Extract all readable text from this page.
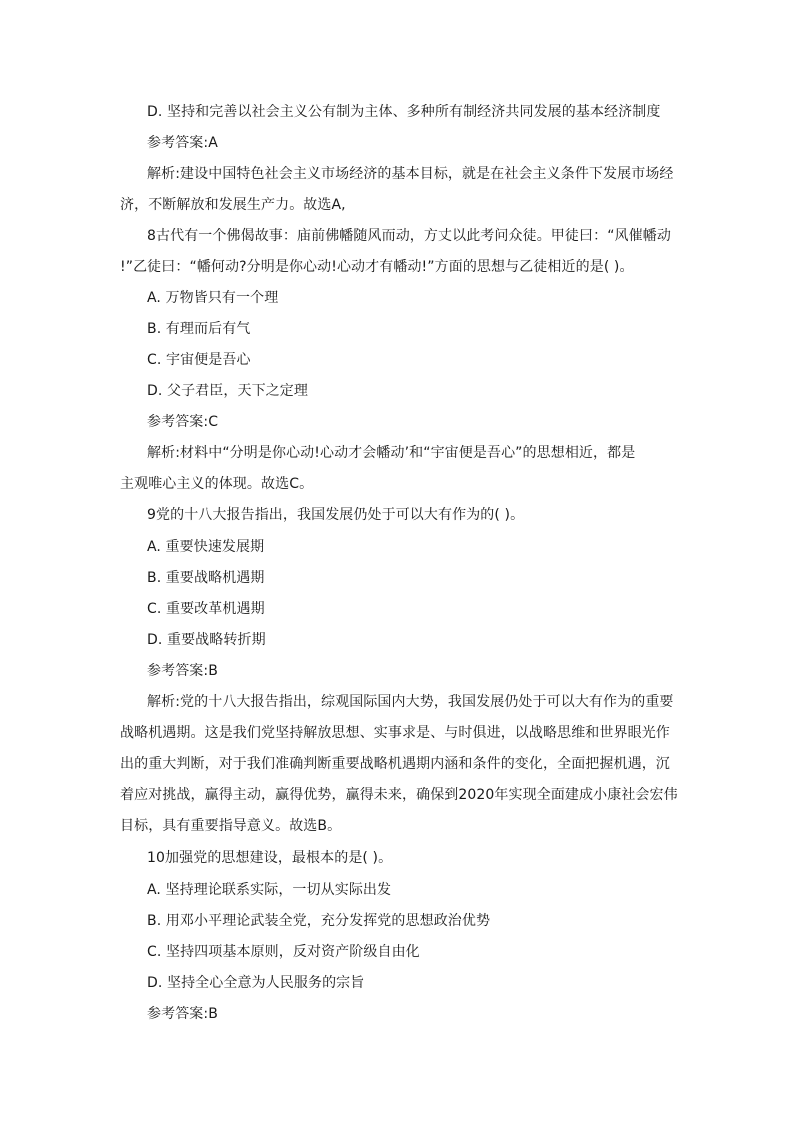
D. 坚持和完善以社会主义公有制为主体、多种所有制经济共同发展的基本经济制度
参考答案:A
解析:建设中国特色社会主义市场经济的基本目标，就是在社会主义条件下发展市场经
济，不断解放和发展生产力。故选A,
8古代有一个佛偈故事：庙前佛幡随风而动，方丈以此考问众徒。甲徒曰：“风催幡动
!”乙徒曰：“幡何动?分明是你心动!心动才有幡动!”方面的思想与乙徒相近的是( )。
A. 万物皆只有一个理
B. 有理而后有气
C. 宇宙便是吾心
D. 父子君臣，天下之定理
参考答案:C
解析:材料中“分明是你心动!心动才会幡动’和“宇宙便是吾心”的思想相近，都是
主观唯心主义的体现。故选C。
9党的十八大报告指出，我国发展仍处于可以大有作为的( )。
A. 重要快速发展期
B. 重要战略机遇期
C. 重要改革机遇期
D. 重要战略转折期
参考答案:B
解析:党的十八大报告指出，综观国际国内大势，我国发展仍处于可以大有作为的重要
战略机遇期。这是我们党坚持解放思想、实事求是、与时俱进，以战略思维和世界眼光作
出的重大判断，对于我们准确判断重要战略机遇期内涵和条件的变化，全面把握机遇，沉
着应对挑战，赢得主动，赢得优势，赢得未来，确保到2020年实现全面建成小康社会宏伟
目标，具有重要指导意义。故选B。
10加强党的思想建设，最根本的是( )。
A. 坚持理论联系实际，一切从实际出发
B. 用邓小平理论武装全党，充分发挥党的思想政治优势
C. 坚持四项基本原则，反对资产阶级自由化
D. 坚持全心全意为人民服务的宗旨
参考答案:B
